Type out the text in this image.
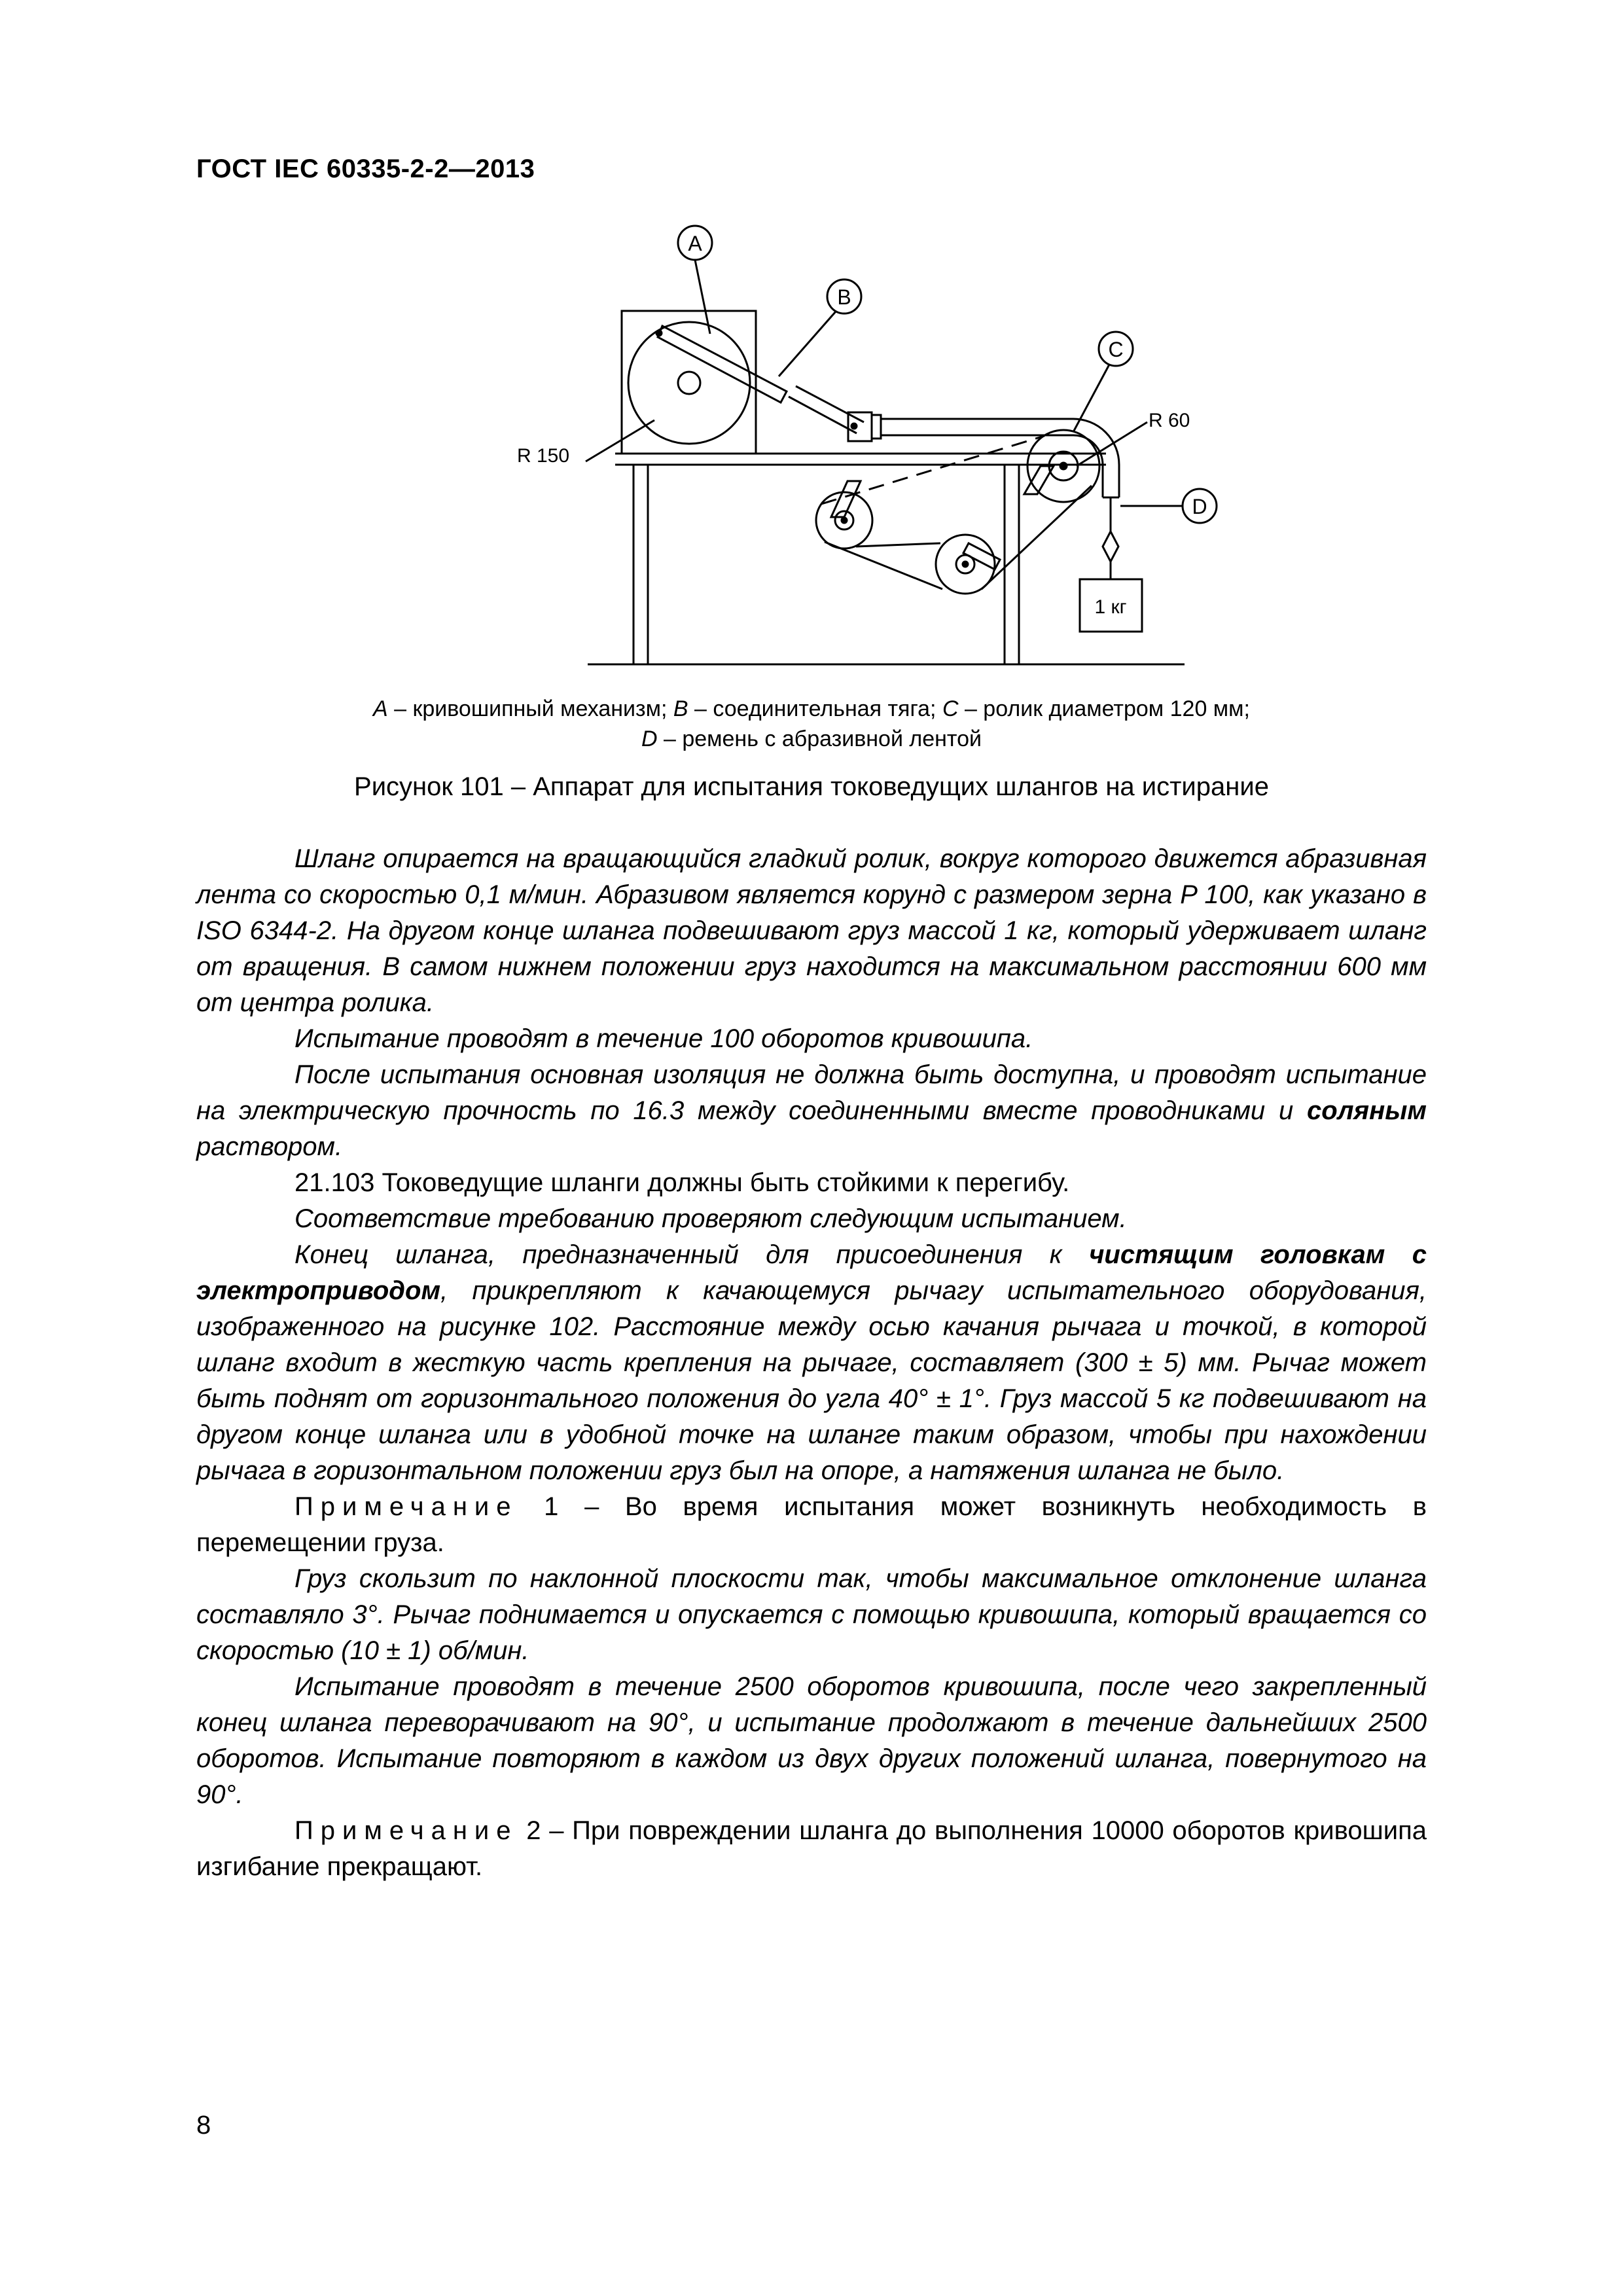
ГОСТ IEC 60335-2-2—2013
A
B
C
D
R 60
R 150
1 кг
A – кривошипный механизм; B – соединительная тяга; C – ролик диаметром 120 мм;
D – ремень с абразивной лентой
Рисунок 101 – Аппарат для испытания токоведущих шлангов на истирание

Шланг опирается на вращающийся гладкий ролик, вокруг которого движется абразивная лента со скоростью 0,1 м/мин. Абразивом является корунд с размером зерна P 100, как указано в ISO 6344-2. На другом конце шланга подвешивают груз массой 1 кг, который удерживает шланг от вращения. В самом нижнем положении груз находится на максимальном расстоянии 600 мм от центра ролика.

Испытание проводят в течение 100 оборотов кривошипа.

После испытания основная изоляция не должна быть доступна, и проводят испытание на электрическую прочность по 16.3 между соединенными вместе проводниками и соляным раствором.

21.103 Токоведущие шланги должны быть стойкими к перегибу.

Соответствие требованию проверяют следующим испытанием.

Конец шланга, предназначенный для присоединения к чистящим головкам с электроприводом, прикрепляют к качающемуся рычагу испытательного оборудования, изображенного на рисунке 102. Расстояние между осью качания рычага и точкой, в которой шланг входит в жесткую часть крепления на рычаге, составляет (300 ± 5) мм. Рычаг может быть поднят от горизонтального положения до угла 40° ± 1°. Груз массой 5 кг подвешивают на другом конце шланга или в удобной точке на шланге таким образом, чтобы при нахождении рычага в горизонтальном положении груз был на опоре, а натяжения шланга не было.

Примечание 1 – Во время испытания может возникнуть необходимость в перемещении груза.

Груз скользит по наклонной плоскости так, чтобы максимальное отклонение шланга составляло 3°. Рычаг поднимается и опускается с помощью кривошипа, который вращается со скоростью (10 ± 1) об/мин.

Испытание проводят в течение 2500 оборотов кривошипа, после чего закрепленный конец шланга переворачивают на 90°, и испытание продолжают в течение дальнейших 2500 оборотов. Испытание повторяют в каждом из двух других положений шланга, повернутого на 90°.

Примечание 2 – При повреждении шланга до выполнения 10000 оборотов кривошипа изгибание прекращают.

8
